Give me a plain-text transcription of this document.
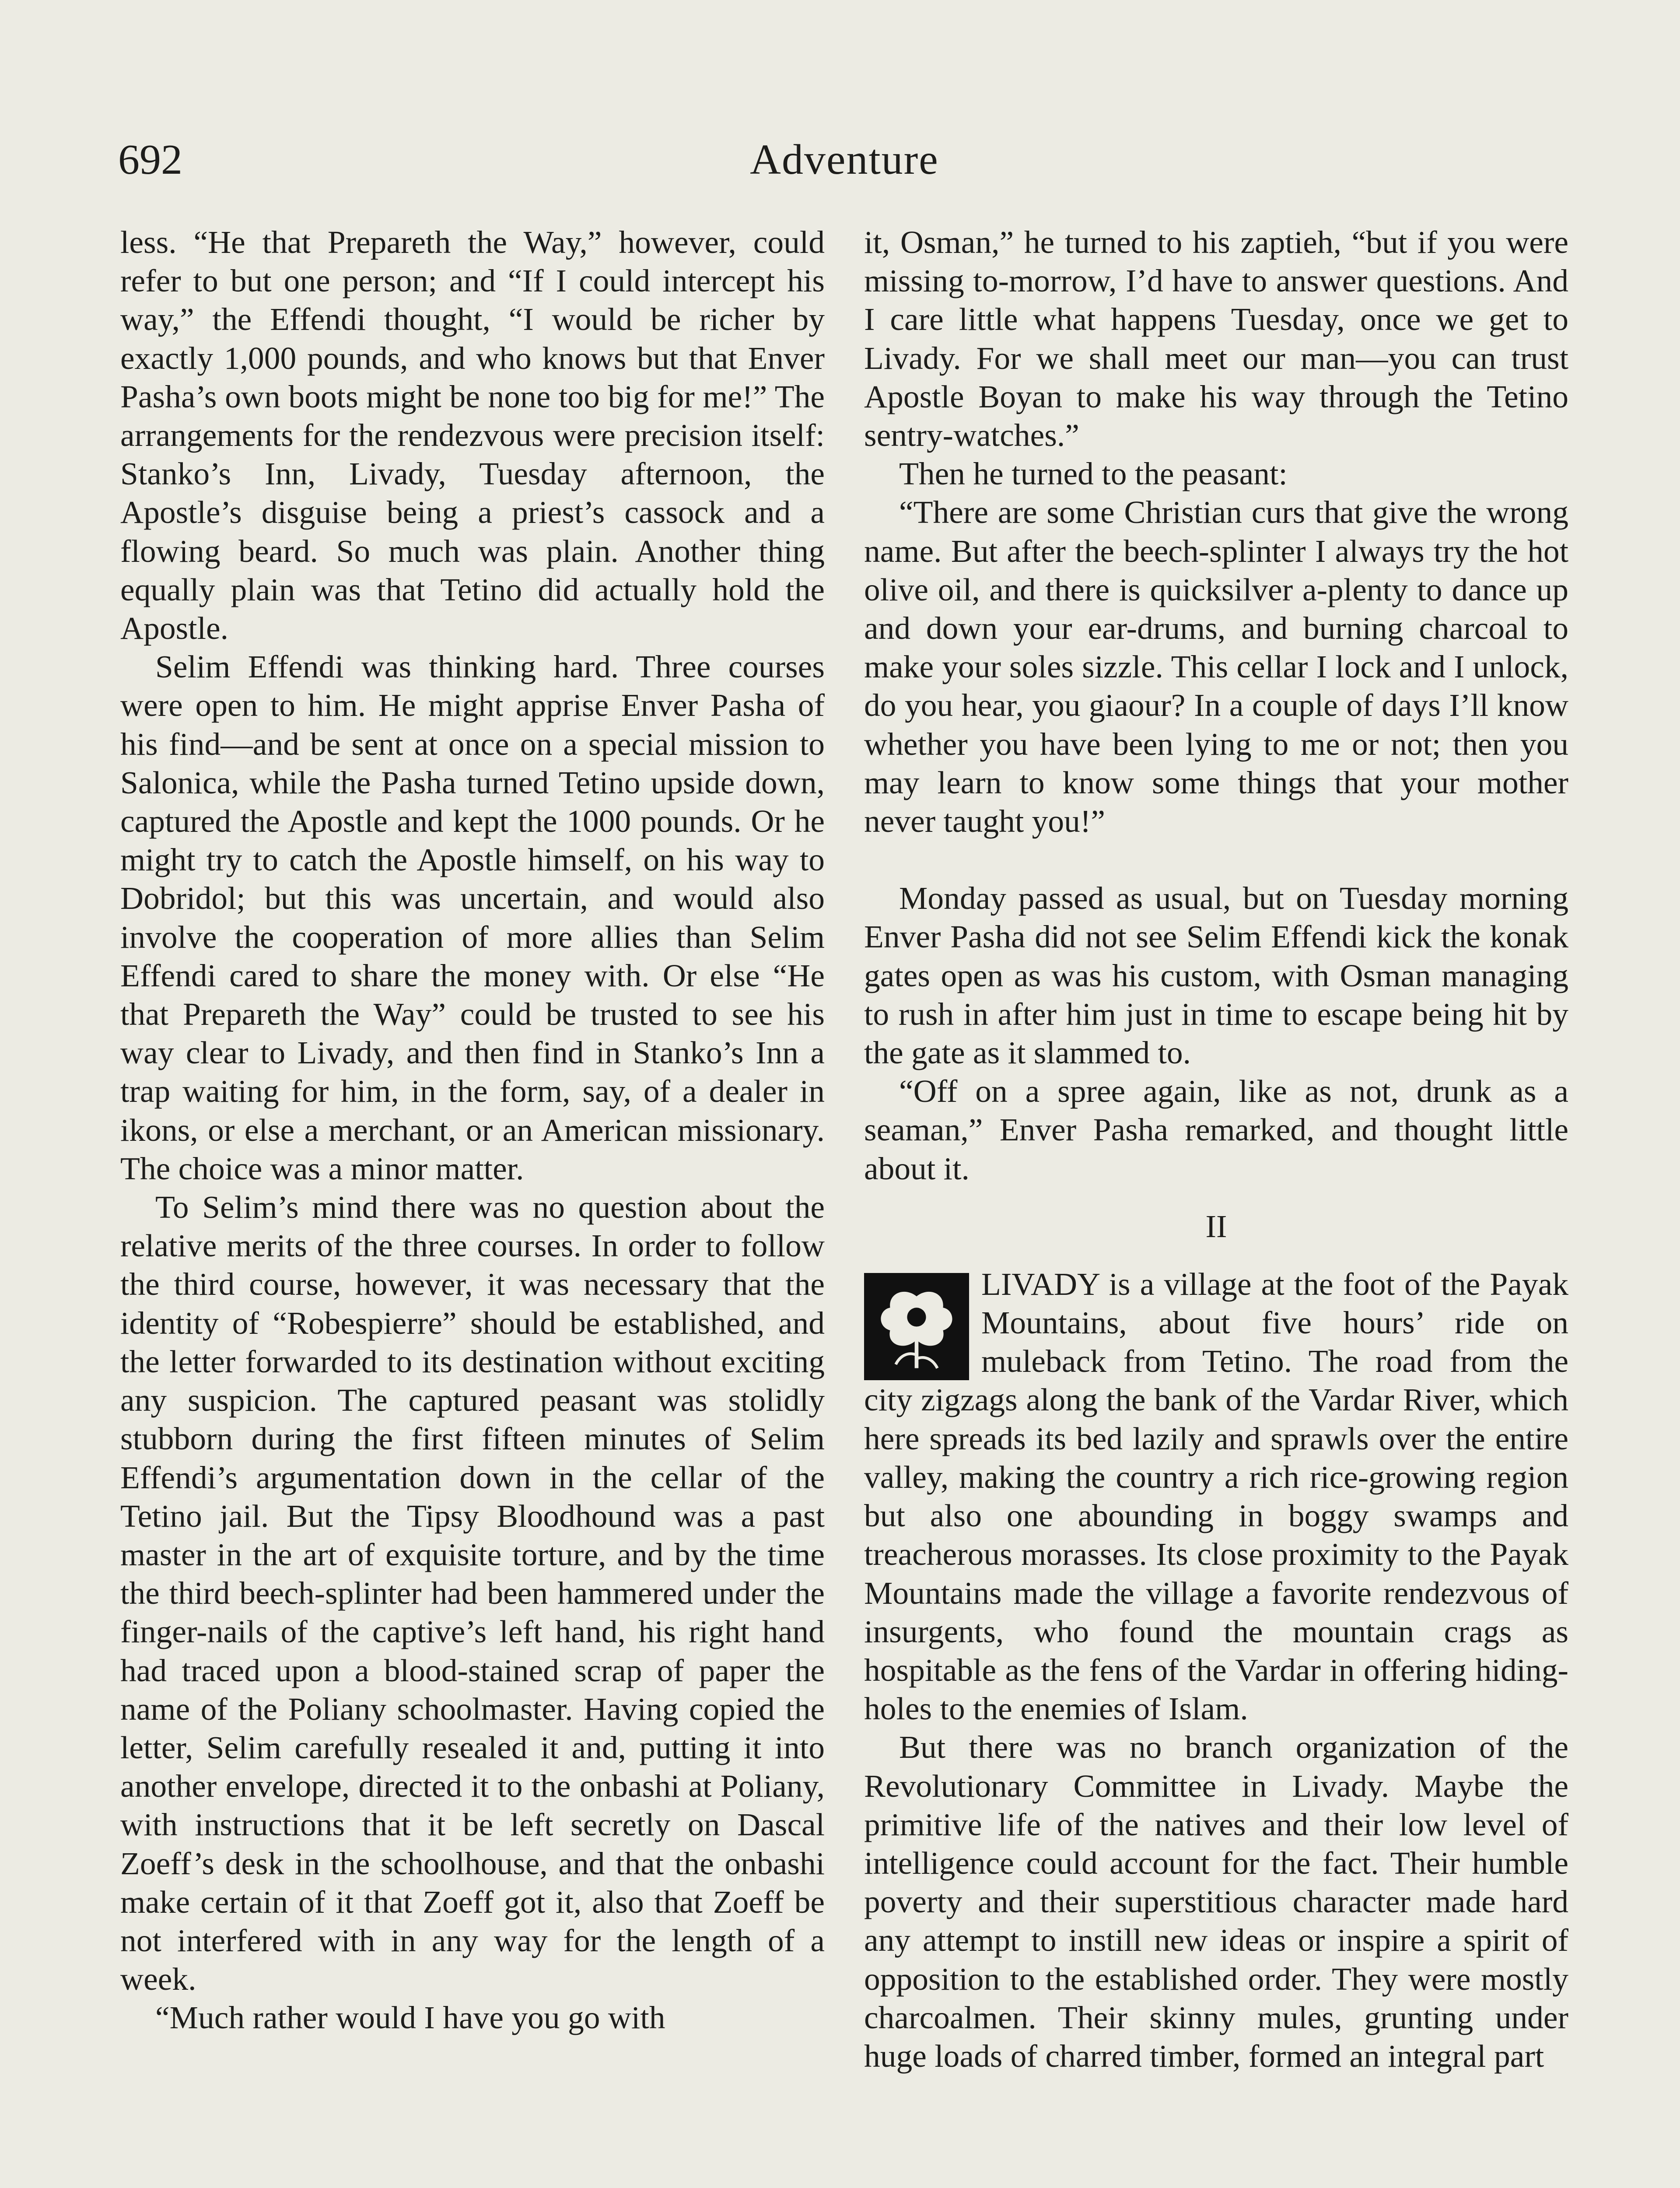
692	Adventure

less. “He that Prepareth the Way,” however, could refer to but one person; and “If I could intercept his way,” the Effendi thought, “I would be richer by exactly 1,000 pounds, and who knows but that Enver Pasha’s own boots might be none too big for me!” The arrangements for the rendezvous were precision itself: Stanko’s Inn, Livady, Tuesday afternoon, the Apostle’s disguise being a priest’s cassock and a flowing beard. So much was plain. Another thing equally plain was that Tetino did actually hold the Apostle.

Selim Effendi was thinking hard. Three courses were open to him. He might apprise Enver Pasha of his find—and be sent at once on a special mission to Salonica, while the Pasha turned Tetino upside down, captured the Apostle and kept the 1000 pounds. Or he might try to catch the Apostle himself, on his way to Dobridol; but this was uncertain, and would also involve the cooperation of more allies than Selim Effendi cared to share the money with. Or else “He that Prepareth the Way” could be trusted to see his way clear to Livady, and then find in Stanko’s Inn a trap waiting for him, in the form, say, of a dealer in ikons, or else a merchant, or an American missionary. The choice was a minor matter.

To Selim’s mind there was no question about the relative merits of the three courses. In order to follow the third course, however, it was necessary that the identity of “Robespierre” should be established, and the letter forwarded to its destination without exciting any suspicion. The captured peasant was stolidly stubborn during the first fifteen minutes of Selim Effendi’s argumentation down in the cellar of the Tetino jail. But the Tipsy Bloodhound was a past master in the art of exquisite torture, and by the time the third beech-splinter had been hammered under the finger-nails of the captive’s left hand, his right hand had traced upon a blood-stained scrap of paper the name of the Poliany schoolmaster. Having copied the letter, Selim carefully resealed it and, putting it into another envelope, directed it to the onbashi at Poliany, with instructions that it be left secretly on Dascal Zoeff’s desk in the schoolhouse, and that the onbashi make certain of it that Zoeff got it, also that Zoeff be not interfered with in any way for the length of a week.

“Much rather would I have you go with

it, Osman,” he turned to his zaptieh, “but if you were missing to-morrow, I’d have to answer questions. And I care little what happens Tuesday, once we get to Livady. For we shall meet our man—you can trust Apostle Boyan to make his way through the Tetino sentry-watches.”

Then he turned to the peasant:

“There are some Christian curs that give the wrong name. But after the beech-splinter I always try the hot olive oil, and there is quicksilver a-plenty to dance up and down your ear-drums, and burning charcoal to make your soles sizzle. This cellar I lock and I unlock, do you hear, you giaour? In a couple of days I’ll know whether you have been lying to me or not; then you may learn to know some things that your mother never taught you!”

Monday passed as usual, but on Tuesday morning Enver Pasha did not see Selim Effendi kick the konak gates open as was his custom, with Osman managing to rush in after him just in time to escape being hit by the gate as it slammed to.

“Off on a spree again, like as not, drunk as a seaman,” Enver Pasha remarked, and thought little about it.

II

LIVADY is a village at the foot of the Payak Mountains, about five hours’ ride on muleback from Tetino. The road from the city zigzags along the bank of the Vardar River, which here spreads its bed lazily and sprawls over the entire valley, making the country a rich rice-growing region but also one abounding in boggy swamps and treacherous morasses. Its close proximity to the Payak Mountains made the village a favorite rendezvous of insurgents, who found the mountain crags as hospitable as the fens of the Vardar in offering hiding-holes to the enemies of Islam.

But there was no branch organization of the Revolutionary Committee in Livady. Maybe the primitive life of the natives and their low level of intelligence could account for the fact. Their humble poverty and their superstitious character made hard any attempt to instill new ideas or inspire a spirit of opposition to the established order. They were mostly charcoalmen. Their skinny mules, grunting under huge loads of charred timber, formed an integral part
